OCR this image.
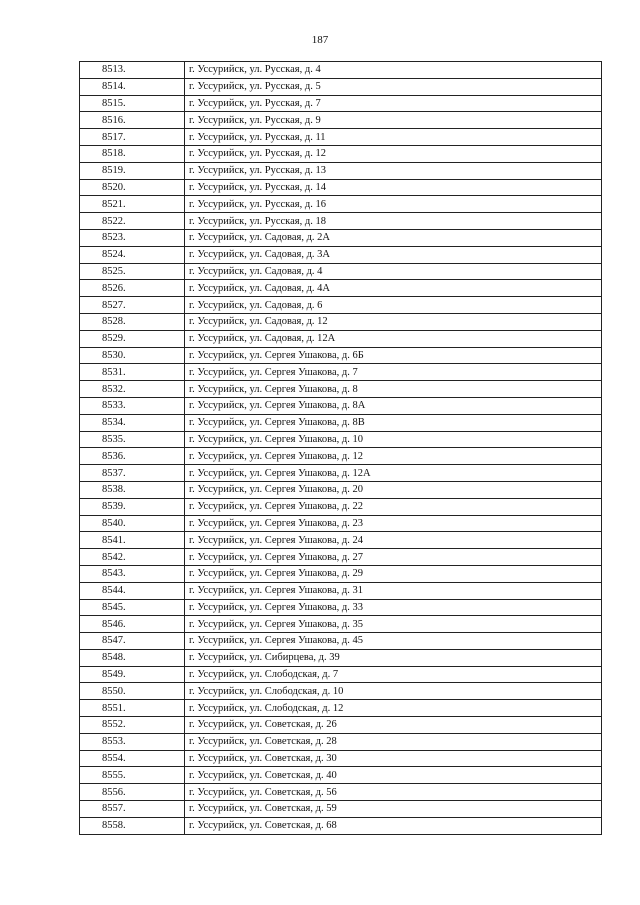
187
8513.	г. Уссурийск, ул. Русская, д. 4
8514.	г. Уссурийск, ул. Русская, д. 5
8515.	г. Уссурийск, ул. Русская, д. 7
8516.	г. Уссурийск, ул. Русская, д. 9
8517.	г. Уссурийск, ул. Русская, д. 11
8518.	г. Уссурийск, ул. Русская, д. 12
8519.	г. Уссурийск, ул. Русская, д. 13
8520.	г. Уссурийск, ул. Русская, д. 14
8521.	г. Уссурийск, ул. Русская, д. 16
8522.	г. Уссурийск, ул. Русская, д. 18
8523.	г. Уссурийск, ул. Садовая, д. 2А
8524.	г. Уссурийск, ул. Садовая, д. 3А
8525.	г. Уссурийск, ул. Садовая, д. 4
8526.	г. Уссурийск, ул. Садовая, д. 4А
8527.	г. Уссурийск, ул. Садовая, д. 6
8528.	г. Уссурийск, ул. Садовая, д. 12
8529.	г. Уссурийск, ул. Садовая, д. 12А
8530.	г. Уссурийск, ул. Сергея Ушакова, д. 6Б
8531.	г. Уссурийск, ул. Сергея Ушакова, д. 7
8532.	г. Уссурийск, ул. Сергея Ушакова, д. 8
8533.	г. Уссурийск, ул. Сергея Ушакова, д. 8А
8534.	г. Уссурийск, ул. Сергея Ушакова, д. 8В
8535.	г. Уссурийск, ул. Сергея Ушакова, д. 10
8536.	г. Уссурийск, ул. Сергея Ушакова, д. 12
8537.	г. Уссурийск, ул. Сергея Ушакова, д. 12А
8538.	г. Уссурийск, ул. Сергея Ушакова, д. 20
8539.	г. Уссурийск, ул. Сергея Ушакова, д. 22
8540.	г. Уссурийск, ул. Сергея Ушакова, д. 23
8541.	г. Уссурийск, ул. Сергея Ушакова, д. 24
8542.	г. Уссурийск, ул. Сергея Ушакова, д. 27
8543.	г. Уссурийск, ул. Сергея Ушакова, д. 29
8544.	г. Уссурийск, ул. Сергея Ушакова, д. 31
8545.	г. Уссурийск, ул. Сергея Ушакова, д. 33
8546.	г. Уссурийск, ул. Сергея Ушакова, д. 35
8547.	г. Уссурийск, ул. Сергея Ушакова, д. 45
8548.	г. Уссурийск, ул. Сибирцева, д. 39
8549.	г. Уссурийск, ул. Слободская, д. 7
8550.	г. Уссурийск, ул. Слободская, д. 10
8551.	г. Уссурийск, ул. Слободская, д. 12
8552.	г. Уссурийск, ул. Советская, д. 26
8553.	г. Уссурийск, ул. Советская, д. 28
8554.	г. Уссурийск, ул. Советская, д. 30
8555.	г. Уссурийск, ул. Советская, д. 40
8556.	г. Уссурийск, ул. Советская, д. 56
8557.	г. Уссурийск, ул. Советская, д. 59
8558.	г. Уссурийск, ул. Советская, д. 68
